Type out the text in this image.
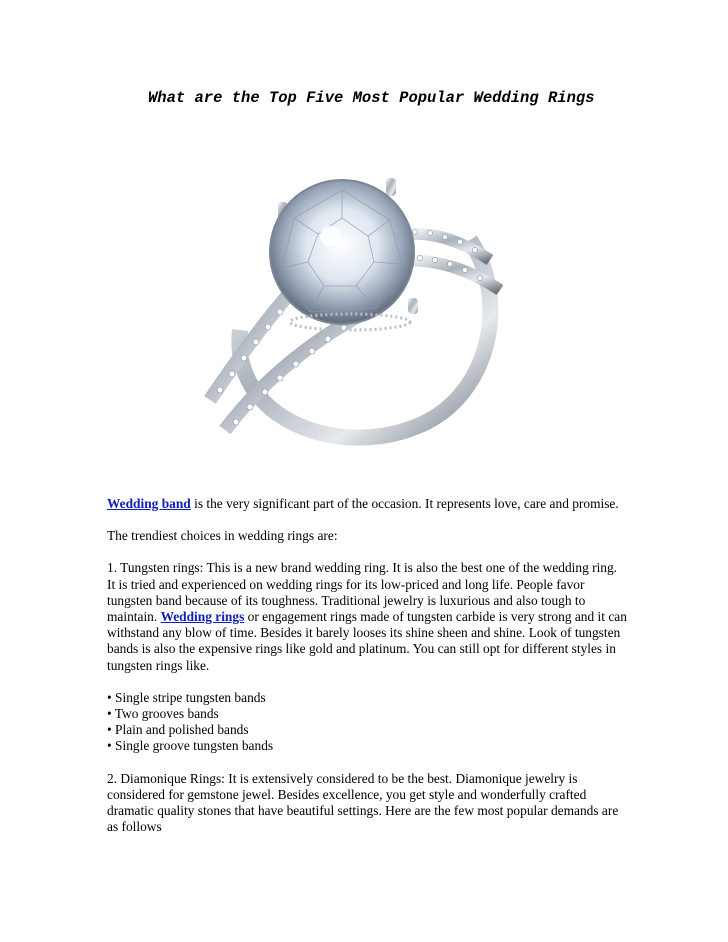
What are the Top Five Most Popular Wedding Rings

Wedding band is the very significant part of the occasion. It represents love, care and promise.

The trendiest choices in wedding rings are:

1. Tungsten rings: This is a new brand wedding ring. It is also the best one of the wedding ring. It is tried and experienced on wedding rings for its low-priced and long life. People favor tungsten band because of its toughness. Traditional jewelry is luxurious and also tough to maintain. Wedding rings or engagement rings made of tungsten carbide is very strong and it can withstand any blow of time. Besides it barely looses its shine sheen and shine. Look of tungsten bands is also the expensive rings like gold and platinum. You can still opt for different styles in tungsten rings like.

• Single stripe tungsten bands
• Two grooves bands
• Plain and polished bands
• Single groove tungsten bands

2. Diamonique Rings: It is extensively considered to be the best. Diamonique jewelry is considered for gemstone jewel. Besides excellence, you get style and wonderfully crafted dramatic quality stones that have beautiful settings. Here are the few most popular demands are as follows
